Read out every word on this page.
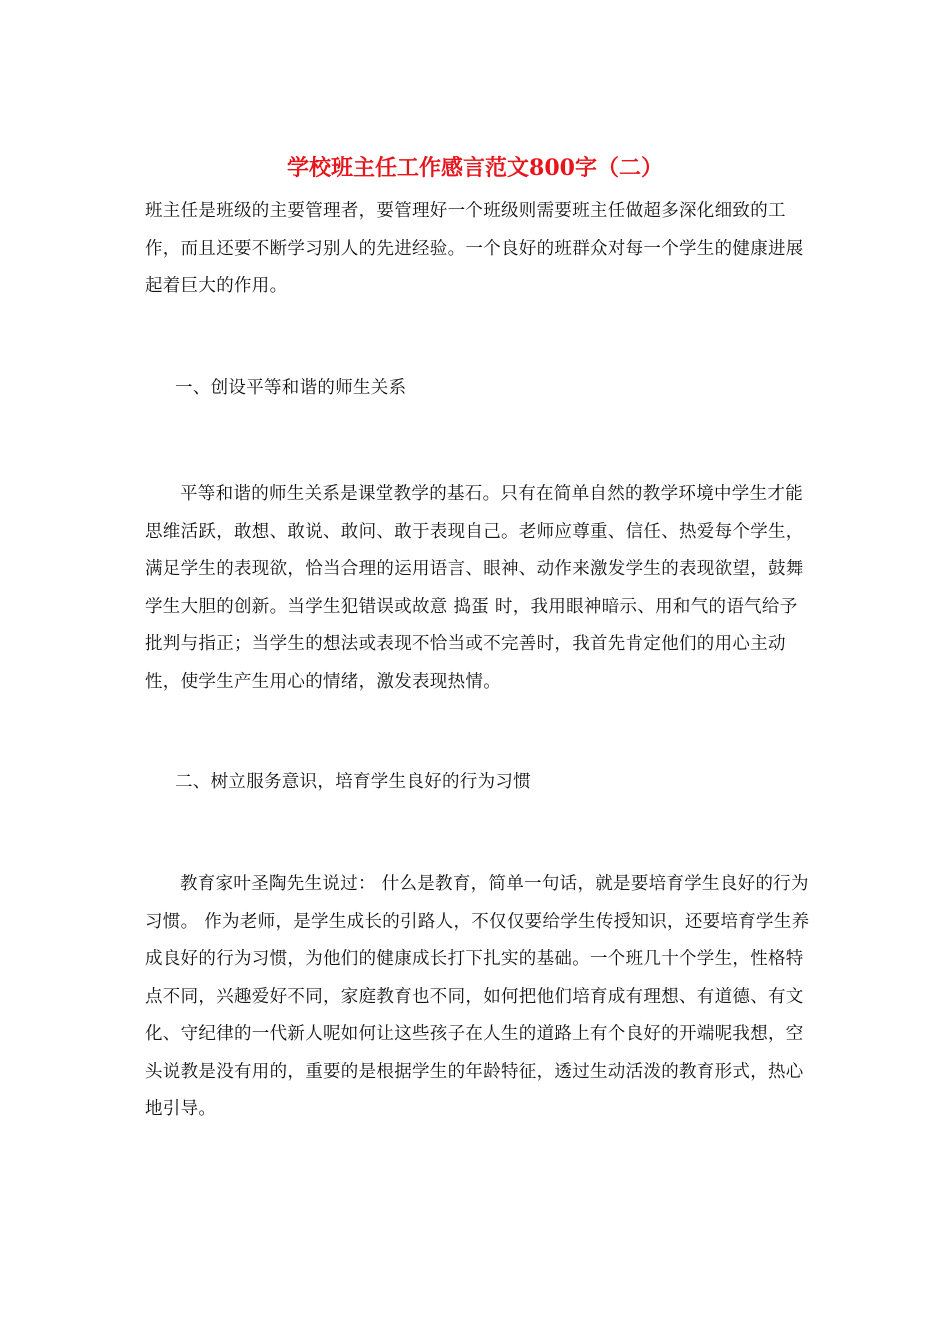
学校班主任工作感言范文800字（二）

班主任是班级的主要管理者，要管理好一个班级则需要班主任做超多深化细致的工作，而且还要不断学习别人的先进经验。一个良好的班群众对每一个学生的健康进展起着巨大的作用。

一、创设平等和谐的师生关系

平等和谐的师生关系是课堂教学的基石。只有在简单自然的教学环境中学生才能思维活跃，敢想、敢说、敢问、敢于表现自己。老师应尊重、信任、热爱每个学生，满足学生的表现欲，恰当合理的运用语言、眼神、动作来激发学生的表现欲望，鼓舞学生大胆的创新。当学生犯错误或故意 捣蛋 时，我用眼神暗示、用和气的语气给予批判与指正；当学生的想法或表现不恰当或不完善时，我首先肯定他们的用心主动性，使学生产生用心的情绪，激发表现热情。

二、树立服务意识，培育学生良好的行为习惯

教育家叶圣陶先生说过： 什么是教育，简单一句话，就是要培育学生良好的行为习惯。 作为老师，是学生成长的引路人，不仅仅要给学生传授知识，还要培育学生养成良好的行为习惯，为他们的健康成长打下扎实的基础。一个班几十个学生，性格特点不同，兴趣爱好不同，家庭教育也不同，如何把他们培育成有理想、有道德、有文化、守纪律的一代新人呢如何让这些孩子在人生的道路上有个良好的开端呢我想，空头说教是没有用的，重要的是根据学生的年龄特征，透过生动活泼的教育形式，热心地引导。
